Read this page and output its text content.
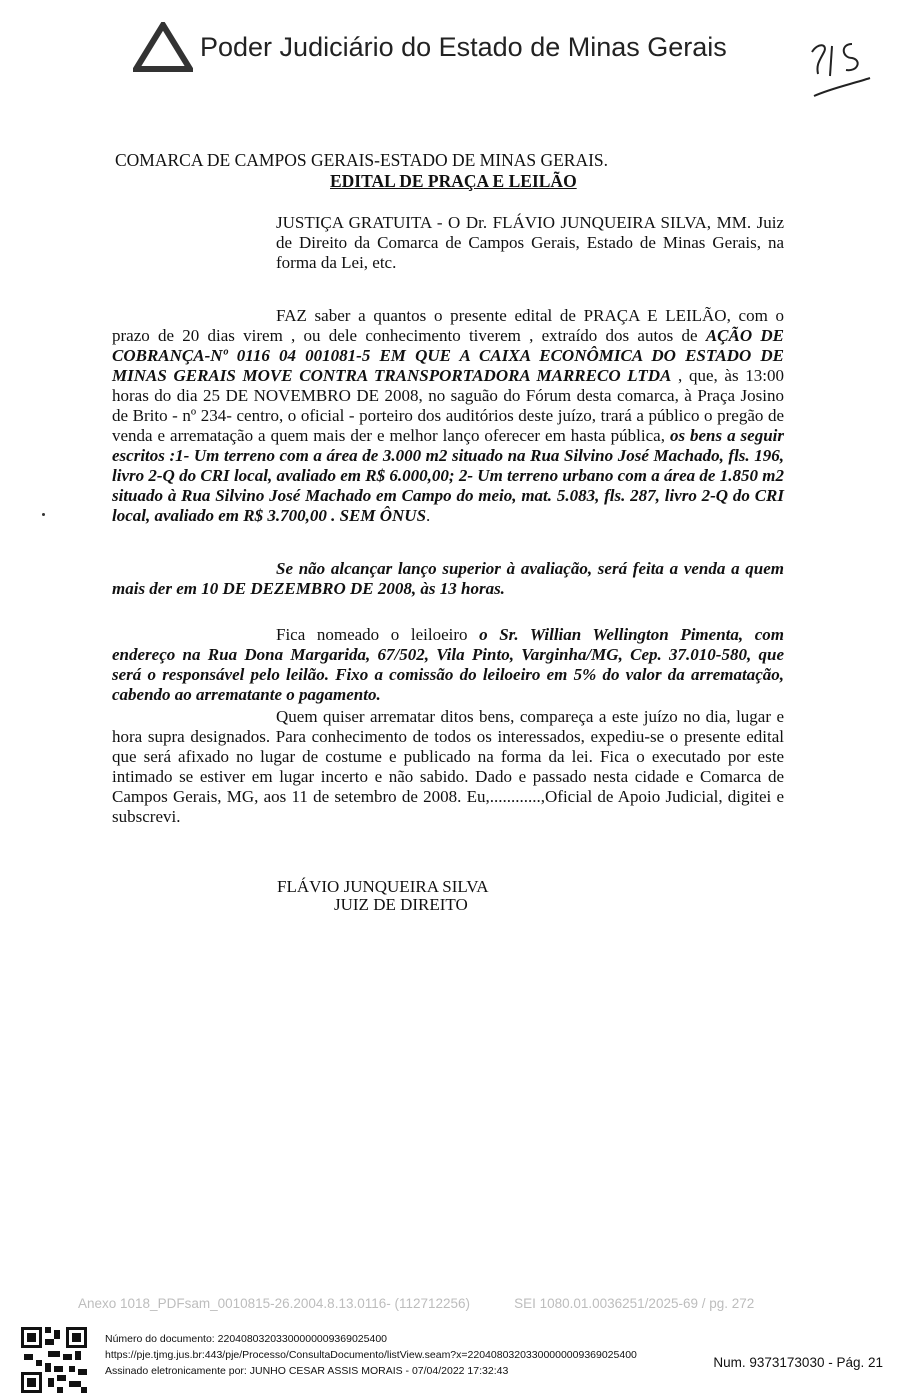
Poder Judiciário do Estado de Minas Gerais
COMARCA DE CAMPOS GERAIS-ESTADO DE MINAS GERAIS.
EDITAL DE PRAÇA E LEILÃO
JUSTIÇA GRATUITA - O Dr. FLÁVIO JUNQUEIRA SILVA, MM. Juiz de Direito da Comarca de Campos Gerais, Estado de Minas Gerais, na forma da Lei, etc.
FAZ saber a quantos o presente edital de PRAÇA E LEILÃO, com o prazo de 20 dias virem , ou dele conhecimento tiverem , extraído dos autos de AÇÃO DE COBRANÇA-Nº 0116 04 001081-5 EM QUE A CAIXA ECONÔMICA DO ESTADO DE MINAS GERAIS MOVE CONTRA TRANSPORTADORA MARRECO LTDA , que, às 13:00 horas do dia 25 DE NOVEMBRO DE 2008, no saguão do Fórum desta comarca, à Praça Josino de Brito - nº 234- centro, o oficial - porteiro dos auditórios deste juízo, trará a público o pregão de venda e arrematação a quem mais der e melhor lanço oferecer em hasta pública, os bens a seguir escritos :1- Um terreno com a área de 3.000 m2 situado na Rua Silvino José Machado, fls. 196, livro 2-Q do CRI local, avaliado em R$ 6.000,00; 2- Um terreno urbano com a área de 1.850 m2 situado à Rua Silvino José Machado em Campo do meio, mat. 5.083, fls. 287, livro 2-Q do CRI local, avaliado em R$ 3.700,00 . SEM ÔNUS.
Se não alcançar lanço superior à avaliação, será feita a venda a quem mais der em 10 DE DEZEMBRO DE 2008, às 13 horas.
Fica nomeado o leiloeiro o Sr. Willian Wellington Pimenta, com endereço na Rua Dona Margarida, 67/502, Vila Pinto, Varginha/MG, Cep. 37.010-580, que será o responsável pelo leilão. Fixo a comissão do leiloeiro em 5% do valor da arrematação, cabendo ao arrematante o pagamento.
Quem quiser arrematar ditos bens, compareça a este juízo no dia, lugar e hora supra designados. Para conhecimento de todos os interessados, expediu-se o presente edital que será afixado no lugar de costume e publicado na forma da lei. Fica o executado por este intimado se estiver em lugar incerto e não sabido. Dado e passado nesta cidade e Comarca de Campos Gerais, MG, aos 11 de setembro de 2008. Eu,............,Oficial de Apoio Judicial, digitei e subscrevi.
FLÁVIO JUNQUEIRA SILVA
JUIZ DE DIREITO
Anexo 1018_PDFsam_0010815-26.2004.8.13.0116- (112712256)	SEI 1080.01.0036251/2025-69 / pg. 272
Número do documento: 22040803203300000009369025400
https://pje.tjmg.jus.br:443/pje/Processo/ConsultaDocumento/listView.seam?x=22040803203300000009369025400
Assinado eletronicamente por: JUNHO CESAR ASSIS MORAIS - 07/04/2022 17:32:43
Num. 9373173030 - Pág. 21
